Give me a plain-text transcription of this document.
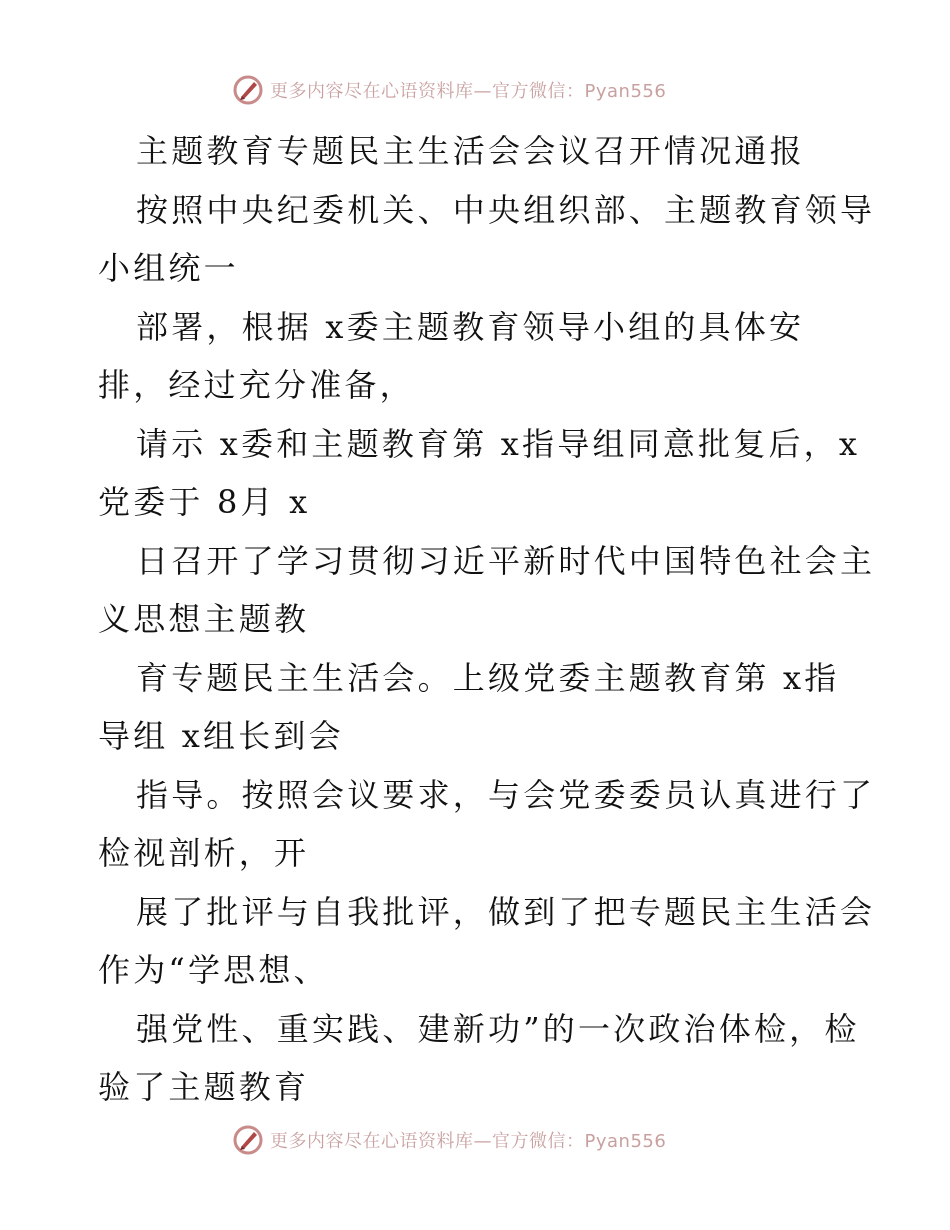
更多内容尽在心语资料库—官方微信：Pyan556
主题教育专题民主生活会会议召开情况通报
按照中央纪委机关、中央组织部、主题教育领导
小组统一
部署，根据 x委主题教育领导小组的具体安
排，经过充分准备，
请示 x委和主题教育第 x指导组同意批复后，x
党委于 8月 x
日召开了学习贯彻习近平新时代中国特色社会主
义思想主题教
育专题民主生活会。上级党委主题教育第 x指
导组 x组长到会
指导。按照会议要求，与会党委委员认真进行了
检视剖析，开
展了批评与自我批评，做到了把专题民主生活会
作为“学思想、
强党性、重实践、建新功”的一次政治体检，检
验了主题教育
更多内容尽在心语资料库—官方微信：Pyan556
